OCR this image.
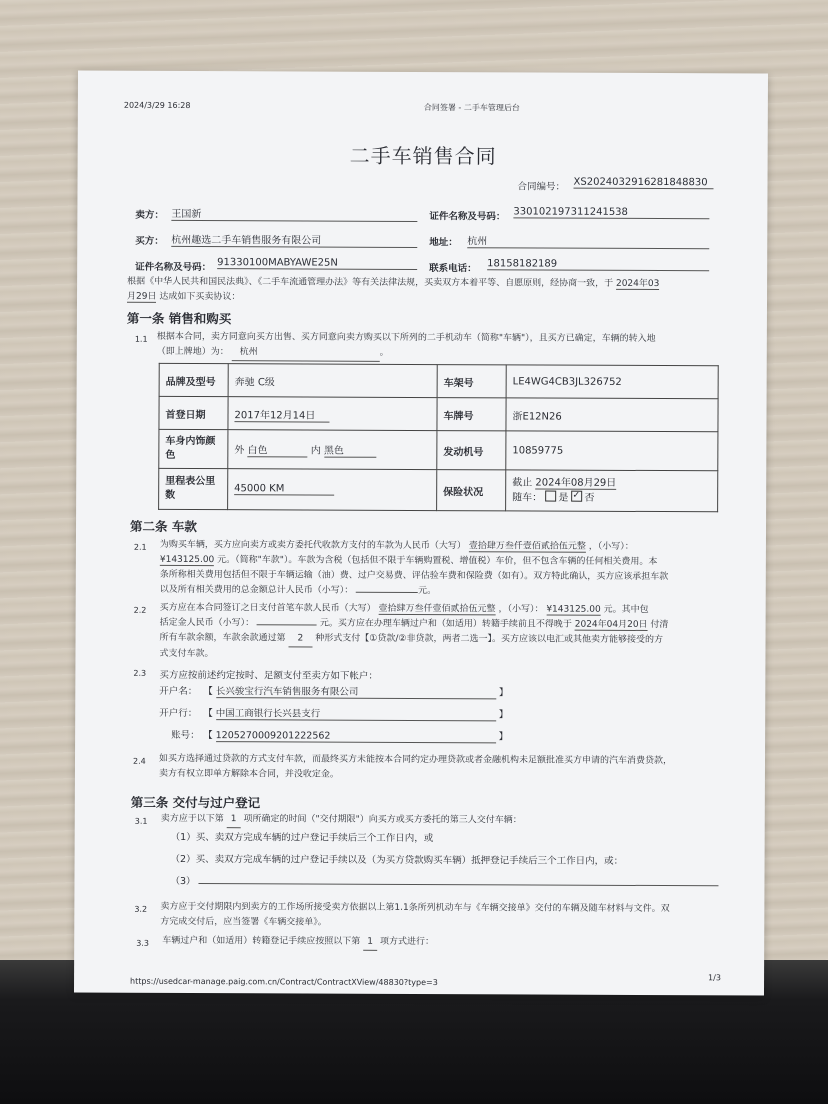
2024/3/29 16:28	合同签署 - 二手车管理后台
二手车销售合同
合同编号： XS2024032916281848830
卖方： 王国新	证件名称及号码： 330102197311241538
买方： 杭州趣选二手车销售服务有限公司	地址： 杭州
证件名称及号码： 91330100MABYAWE25N
联系电话： 18158182189
根据《中华人民共和国民法典》、《二手车流通管理办法》等有关法律法规，买卖双方本着平等、自愿原则，经协商一致，于 2024年03
月29日 达成如下买卖协议：
第一条 销售和购买
1.1 根据本合同，卖方同意向买方出售、买方同意向卖方购买以下所列的二手机动车（简称"车辆"），且买方已确定，车辆的转入地
（即上牌地）为： 杭州	。
品牌及型号	奔驰 C级	车架号	LE4WG4CB3JL326752
首登日期	2017年12月14日	车牌号	浙E12N26
车身内饰颜色	外 白色 内 黑色	发动机号	10859775
里程表公里数	45000 KM	保险状况	截止 2024年08月29日
随车： 是 ✓ 否
第二条 车款
2.1 为购买车辆，买方应向卖方或卖方委托代收款方支付的车款为人民币（大写） 壹拾肆万叁仟壹佰贰拾伍元整 ，（小写）：
¥143125.00 元。（简称"车款"）。车款为含税（包括但不限于车辆购置税、增值税）车价，但不包含车辆的任何相关费用。本
条所称相关费用包括但不限于车辆运输（油）费、过户交易费、评估验车费和保险费（如有）。双方特此确认，买方应该承担车款
以及所有相关费用的总金额总计人民币（小写）：	元。
2.2 买方应在本合同签订之日支付首笔车款人民币（大写） 壹拾肆万叁仟壹佰贰拾伍元整 ，（小写）： ¥143125.00 元。其中包
括定金人民币（小写）：	元。买方应在办理车辆过户和（如适用）转籍手续前且不得晚于 2024年04月20日 付清
所有车款余额，车款余款通过第 2 种形式支付【①贷款/②非贷款，两者二选一】。买方应该以电汇或其他卖方能够接受的方
式支付车款。
2.3 买方应按前述约定按时、足额支付至卖方如下帐户：
开户名： 【 长兴骏宝行汽车销售服务有限公司	】
开户行： 【 中国工商银行长兴县支行	】
账号： 【 1205270009201222562	】
2.4 如买方选择通过贷款的方式支付车款，而最终买方未能按本合同约定办理贷款或者金融机构未足额批准买方申请的汽车消费贷款，
卖方有权立即单方解除本合同，并没收定金。
第三条 交付与过户登记
3.1 卖方应于以下第 1 项所确定的时间（"交付期限"）向买方或买方委托的第三人交付车辆：
（1）买、卖双方完成车辆的过户登记手续后三个工作日内，或
（2）买、卖双方完成车辆的过户登记手续以及（为买方贷款购买车辆）抵押登记手续后三个工作日内，或：
（3）
3.2 卖方应于交付期限内到卖方的工作场所接受卖方依据以上第1.1条所列机动车与《车辆交接单》交付的车辆及随车材料与文件。双
方完成交付后，应当签署《车辆交接单》。
3.3 车辆过户和（如适用）转籍登记手续应按照以下第 1 项方式进行：
https://usedcar-manage.paig.com.cn/Contract/ContractXView/48830?type=3	1/3
